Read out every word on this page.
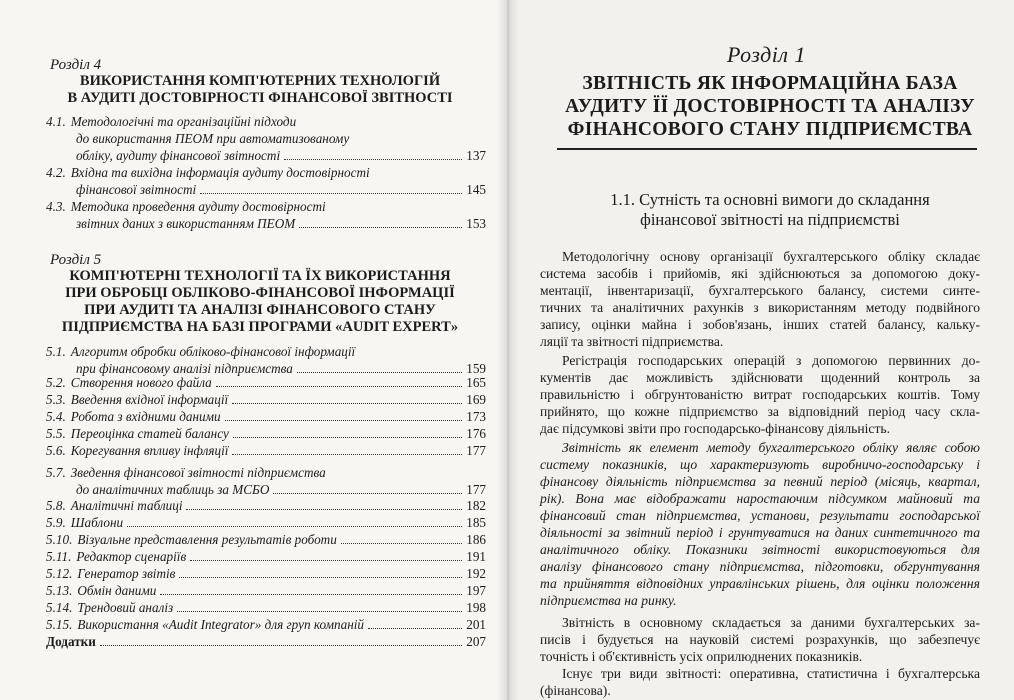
Розділ 4
ВИКОРИСТАННЯ КОМП'ЮТЕРНИХ ТЕХНОЛОГІЙ
В АУДИТІ ДОСТОВІРНОСТІ ФІНАНСОВОЇ ЗВІТНОСТІ
4.1. Методологічні та організаційні підходи
до використання ПЕОМ при автоматизованому
обліку, аудиту фінансової звітності	137
4.2. Вхідна та вихідна інформація аудиту достовірності
фінансової звітності	145
4.3. Методика проведення аудиту достовірності
звітних даних з використанням ПЕОМ	153
Розділ 5
КОМП'ЮТЕРНІ ТЕХНОЛОГІЇ ТА ЇХ ВИКОРИСТАННЯ
ПРИ ОБРОБЦІ ОБЛІКОВО-ФІНАНСОВОЇ ІНФОРМАЦІЇ
ПРИ АУДИТІ ТА АНАЛІЗІ ФІНАНСОВОГО СТАНУ
ПІДПРИЄМСТВА НА БАЗІ ПРОГРАМИ «AUDIT EXPERT»
5.1. Алгоритм обробки обліково-фінансової інформації
при фінансовому аналізі підприємства	159
5.2. Створення нового файла	165
5.3. Введення вхідної інформації	169
5.4. Робота з вхідними даними	173
5.5. Переоцінка статей балансу	176
5.6. Корегування впливу інфляції	177
5.7. Зведення фінансової звітності підприємства
до аналітичних таблиць за МСБО	177
5.8. Аналітичні таблиці	182
5.9. Шаблони	185
5.10. Візуальне представлення результатів роботи	186
5.11. Редактор сценаріїв	191
5.12. Генератор звітів	192
5.13. Обмін даними	197
5.14. Трендовий аналіз	198
5.15. Використання «Audit Integrator» для груп компаній	201
Додатки	207
Розділ 1
ЗВІТНІСТЬ ЯК ІНФОРМАЦІЙНА БАЗА
АУДИТУ ЇЇ ДОСТОВІРНОСТІ ТА АНАЛІЗУ
ФІНАНСОВОГО СТАНУ ПІДПРИЄМСТВА
1.1. Сутність та основні вимоги до складання
фінансової звітності на підприємстві
Методологічну основу організації бухгалтерського обліку складає
система засобів і прийомів, які здійснюються за допомогою доку-
ментації, інвентаризації, бухгалтерського балансу, системи синте-
тичних та аналітичних рахунків з використанням методу подвійного
запису, оцінки майна і зобов'язань, інших статей балансу, кальку-
ляції та звітності підприємства.
Регістрація господарських операцій з допомогою первинних до-
кументів дає можливість здійснювати щоденний контроль за
правильністю і обгрунтованістю витрат господарських коштів. Тому
прийнято, що кожне підприємство за відповідний період часу скла-
дає підсумкові звіти про господарсько-фінансову діяльність.
Звітність як елемент методу бухгалтерського обліку являє собою
систему показників, що характеризують виробничо-господарську і
фінансову діяльність підприємства за певний період (місяць, квартал,
рік). Вона має відображати наростаючим підсумком майновий та
фінансовий стан підприємства, установи, результати господарської
діяльності за звітний період і грунтуватися на даних синтетичного та
аналітичного обліку. Показники звітності використовуються для
аналізу фінансового стану підприємства, підготовки, обгрунтування
та прийняття відповідних управлінських рішень, для оцінки положення
підприємства на ринку.
Звітність в основному складається за даними бухгалтерських за-
писів і будується на науковій системі розрахунків, що забезпечує
точність і об'єктивність усіх оприлюднених показників.
Існує три види звітності: оперативна, статистична і бухгалтерська
(фінансова).
